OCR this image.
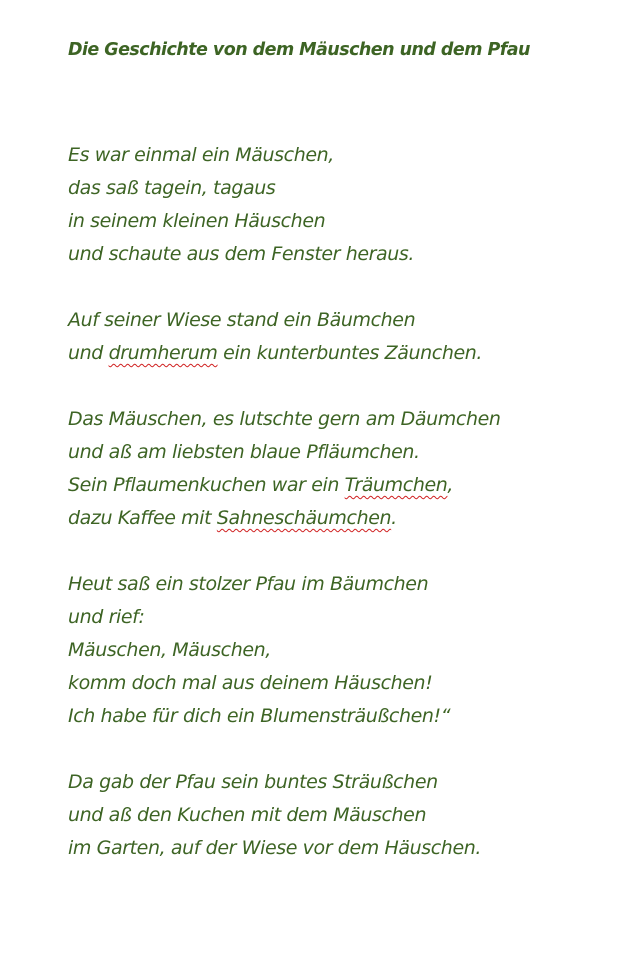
Die Geschichte von dem Mäuschen und dem Pfau
Es war einmal ein Mäuschen,
das saß tagein, tagaus
in seinem kleinen Häuschen
und schaute aus dem Fenster heraus.
Auf seiner Wiese stand ein Bäumchen
und drumherum ein kunterbuntes Zäunchen.
Das Mäuschen, es lutschte gern am Däumchen
und aß am liebsten blaue Pfläumchen.
Sein Pflaumenkuchen war ein Träumchen,
dazu Kaffee mit Sahneschäumchen.
Heut saß ein stolzer Pfau im Bäumchen
und rief:
Mäuschen, Mäuschen,
komm doch mal aus deinem Häuschen!
Ich habe für dich ein Blumensträußchen!“
Da gab der Pfau sein buntes Sträußchen
und aß den Kuchen mit dem Mäuschen
im Garten, auf der Wiese vor dem Häuschen.
